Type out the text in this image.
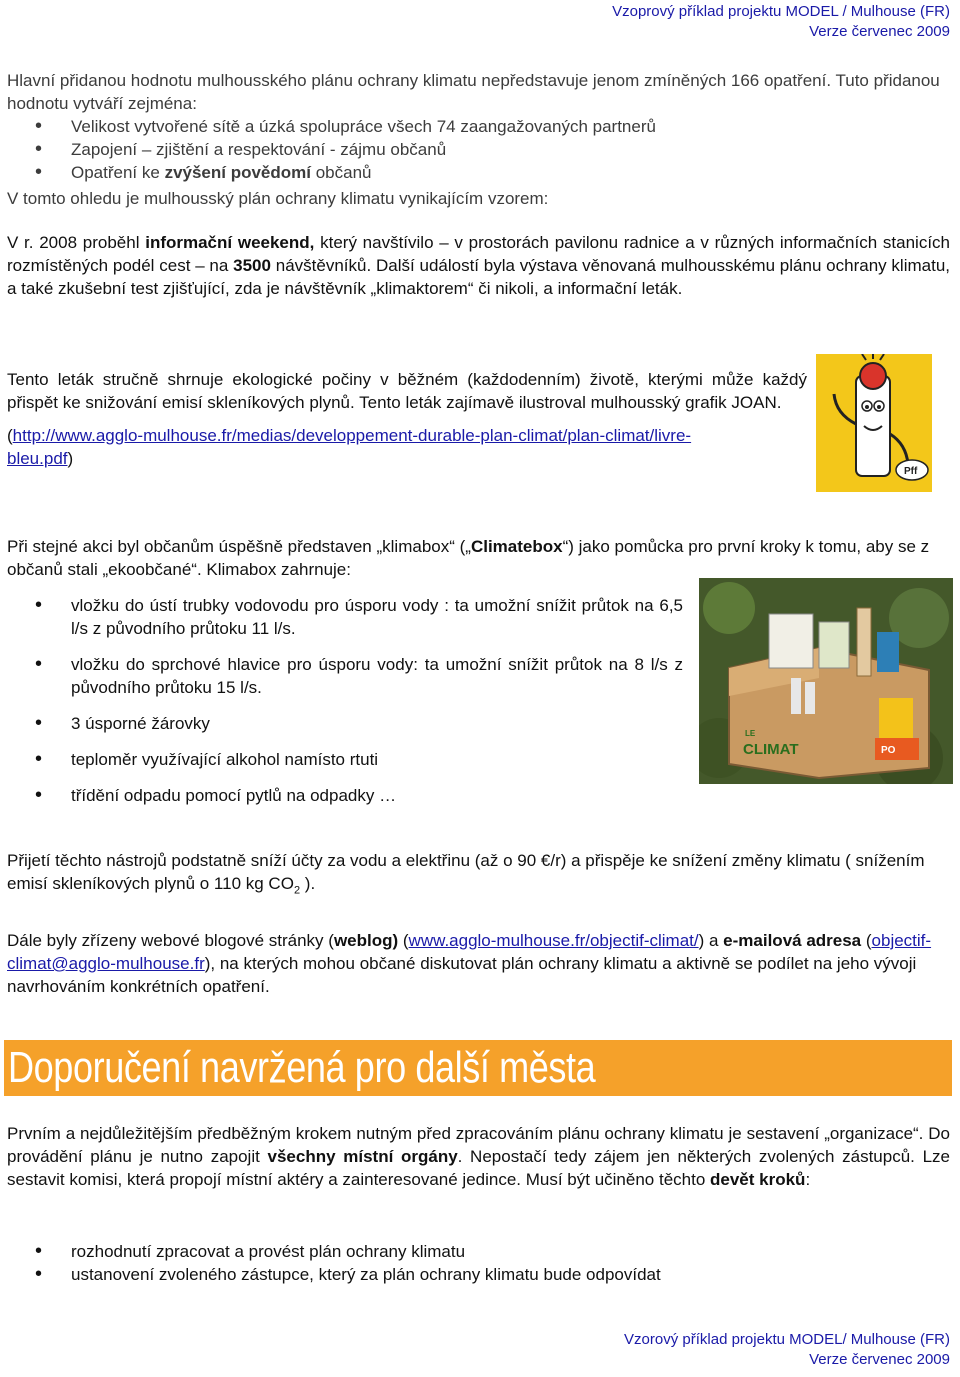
Vzoprový příklad projektu MODEL / Mulhouse (FR)
Verze červenec 2009

Hlavní přidanou hodnotu mulhousského plánu ochrany klimatu nepředstavuje jenom zmíněných 166 opatření. Tuto přidanou hodnotu vytváří zejména:

• Velikost vytvořené sítě a úzká spolupráce všech 74 zaangažovaných partnerů
• Zapojení – zjištění a respektování - zájmu občanů
• Opatření ke zvýšení povědomí občanů

V tomto ohledu je mulhousský plán ochrany klimatu vynikajícím vzorem:

V r. 2008 proběhl informační weekend, který navštívilo – v prostorách pavilonu radnice a v různých informačních stanicích rozmístěných podél cest – na 3500 návštěvníků. Další událostí byla výstava věnovaná mulhousskému plánu ochrany klimatu, a také zkušební test zjišťující, zda je návštěvník „klimaktorem“ či nikoli, a informační leták.

Tento leták stručně shrnuje ekologické počiny v běžném (každodenním) životě, kterými může každý přispět ke snižování emisí skleníkových plynů. Tento leták zajímavě ilustroval mulhousský grafik JOAN.

(http://www.agglo-mulhouse.fr/medias/developpement-durable-plan-climat/plan-climat/livre-
bleu.pdf)

Pff
Při stejné akci byl občanům úspěšně představen „klimabox“ („Climatebox“) jako pomůcka pro první kroky k tomu, aby se z občanů stali „ekoobčané“. Klimabox zahrnuje:
• vložku do ústí trubky vodovodu pro úsporu vody : ta umožní snížit průtok na 6,5 l/s z původního průtoku 11 l/s.
• vložku do sprchové hlavice pro úsporu vody: ta umožní snížit průtok na 8 l/s z původního průtoku 15 l/s.
• 3 úsporné žárovky
• teploměr využívající alkohol namísto rtuti
• třídění odpadu pomocí pytlů na odpadky …
LE
CLIMAT	PO
Přijetí těchto nástrojů podstatně sníží účty za vodu a elektřinu (až o 90 €/r) a přispěje ke snížení změny klimatu ( snížením emisí skleníkových plynů o 110 kg $CO_2$ ).
Dále byly zřízeny webové blogové stránky (weblog) (www.agglo-mulhouse.fr/objectif-climat/) a e-mailová adresa (objectif-climat@agglo-mulhouse.fr), na kterých mohou občané diskutovat plán ochrany klimatu a aktivně se podílet na jeho vývoji navrhováním konkrétních opatření.
Doporučení navržená pro další města
Prvním a nejdůležitějším předběžným krokem nutným před zpracováním plánu ochrany klimatu je sestavení „organizace“. Do provádění plánu je nutno zapojit všechny místní orgány. Nepostačí tedy zájem jen některých zvolených zástupců. Lze sestavit komisi, která propojí místní aktéry a zainteresované jedince. Musí být učiněno těchto devět kroků:
• rozhodnutí zpracovat a provést plán ochrany klimatu
• ustanovení zvoleného zástupce, který za plán ochrany klimatu bude odpovídat
Vzorový příklad projektu MODEL/ Mulhouse (FR)
Verze červenec 2009
